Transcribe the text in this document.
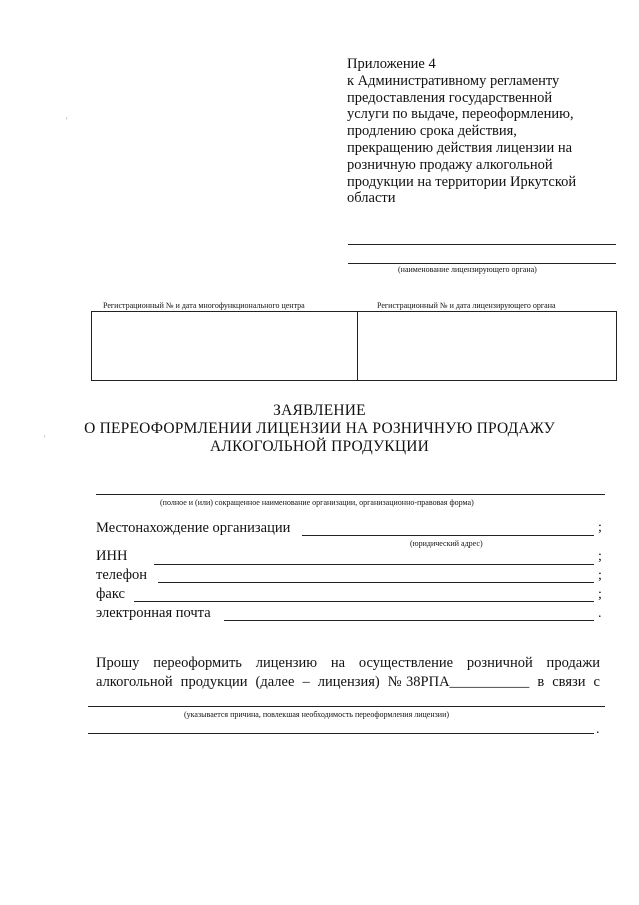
'
'
Приложение 4
к Административному регламенту
предоставления государственной
услуги по выдаче, переоформлению,
продлению срока действия,
прекращению действия лицензии на
розничную продажу алкогольной
продукции на территории Иркутской
области
(наименование лицензирующего органа)
Регистрационный № и дата многофункционального центра	Регистрационный № и дата лицензирующего органа
ЗАЯВЛЕНИЕ
О ПЕРЕОФОРМЛЕНИИ ЛИЦЕНЗИИ НА РОЗНИЧНУЮ ПРОДАЖУ
АЛКОГОЛЬНОЙ ПРОДУКЦИИ
(полное и (или) сокращенное наименование организации, организационно-правовая форма)
Местонахождение организации	;
(юридический адрес)
ИНН	;
телефон	;
факс	;
электронная почта	.
Прошу переоформить лицензию на осуществление розничной продажи
алкогольной продукции (далее – лицензия) №38РПА___________ в связи с
(указывается причина, повлекшая необходимость переоформления лицензии)
.
